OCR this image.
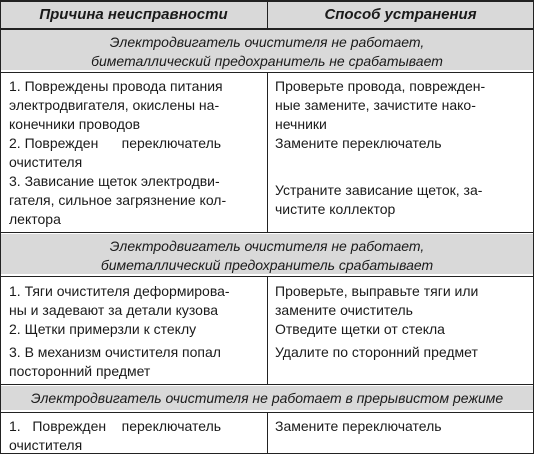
Причина неисправности	Способ устранения
Электродвигатель очистителя не работает,
биметаллический предохранитель не срабатывает
1. Повреждены провода питания
электродвигателя, окислены на-
конечники проводов
Проверьте провода, поврежден-
ные замените, зачистите нако-
нечники
2. Поврежден      переключатель
очистителя
Замените переключатель
3. Зависание щеток электродви-
гателя, сильное загрязнение кол-
лектора
Устраните зависание щеток, за-
чистите коллектор
Электродвигатель очистителя не работает,
биметаллический предохранитель срабатывает
1. Тяги очистителя деформирова-
ны и задевают за детали кузова
Проверьте, выправьте тяги или
замените очиститель
2. Щетки примерзли к стеклу	Отведите щетки от стекла
3. В механизм очистителя попал
посторонний предмет
Удалите по сторонний предмет
Электродвигатель очистителя не работает в прерывистом режиме
1.   Поврежден    переключатель
очистителя
Замените переключатель
